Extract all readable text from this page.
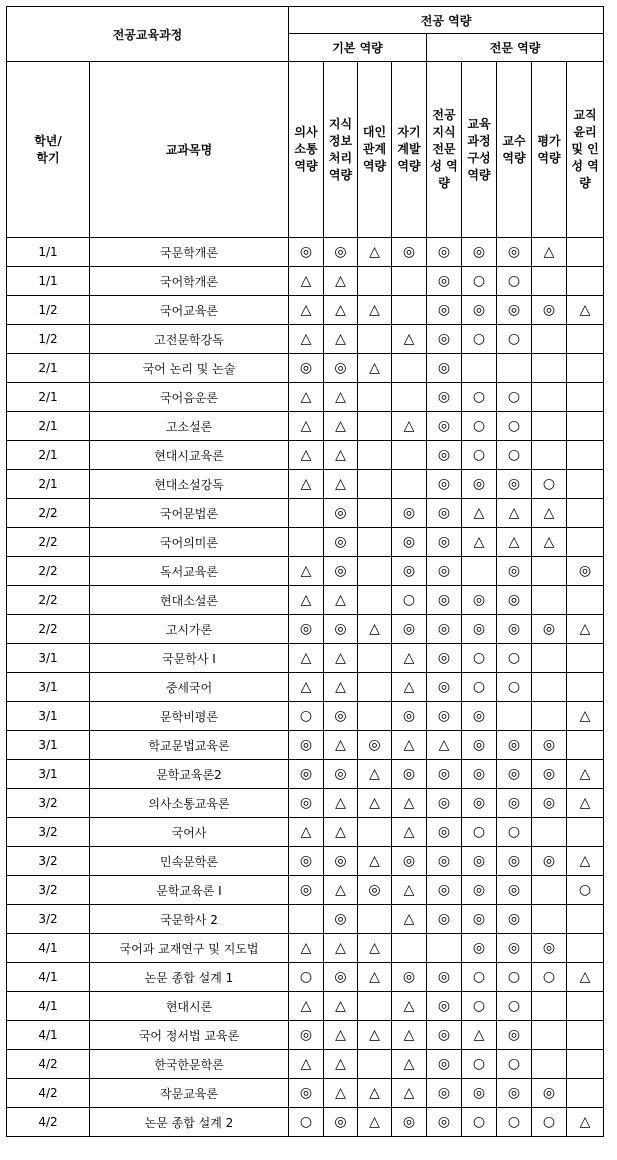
전공교육과정		전공 역량								
		기본 역량				전문 역량				
학년/
학기	교과목명	의사
소통
역량	지식
정보
처리
역량	대인
관계
역량	자기
계발
역량	전공
지식
전문
성 역
량	교육
과정
구성
역량	교수
역량	평가
역량	교직
윤리
및 인
성 역
량
1/1	국문학개론	◎	◎	△	◎	◎	◎	◎	△	
1/1	국어학개론	△	△			◎	○	○		
1/2	국어교육론	△	△	△		◎	◎	◎	◎	△
1/2	고전문학강독	△	△		△	◎	○	○		
2/1	국어 논리 및 논술	◎	◎	△		◎				
2/1	국어음운론	△	△			◎	○	○		
2/1	고소설론	△	△		△	◎	○	○		
2/1	현대시교육론	△	△			◎	○	○		
2/1	현대소설강독	△	△			◎	◎	◎	○	
2/2	국어문법론		◎		◎	◎	△	△	△	
2/2	국어의미론		◎		◎	◎	△	△	△	
2/2	독서교육론	△	◎		◎	◎		◎		◎
2/2	현대소설론	△	△		○	◎	◎	◎		
2/2	고시가론	◎	◎	△	◎	◎	◎	◎	◎	△
3/1	국문학사 I	△	△		△	◎	○	○		
3/1	중세국어	△	△		△	◎	○	○		
3/1	문학비평론	○	◎		◎	◎	◎			△
3/1	학교문법교육론	◎	△	◎	△	△	◎	◎	◎	
3/1	문학교육론2	◎	◎	△	◎	◎	◎	◎	◎	△
3/2	의사소통교육론	◎	△	△	△	◎	◎	◎	◎	△
3/2	국어사	△	△		△	◎	○	○		
3/2	민속문학론	◎	◎	△	◎	◎	◎	◎	◎	△
3/2	문학교육론 I	◎	△	◎	△	◎	◎	◎		○
3/2	국문학사 2		◎		△	◎	◎	◎		
4/1	국어과 교재연구 및 지도법	△	△	△			◎	◎	◎	
4/1	논문 종합 설계 1	○	◎	△	◎	◎	○	○	○	△
4/1	현대시론	△	△		△	◎	○	○		
4/1	국어 정서법 교육론	◎	△	△	△	◎	△	◎		
4/2	한국한문학론	△	△		△	◎	○	○		
4/2	작문교육론	◎	△	△	△	◎	◎	◎	◎	
4/2	논문 종합 설계 2	○	◎	△	◎	◎	○	○	○	△
